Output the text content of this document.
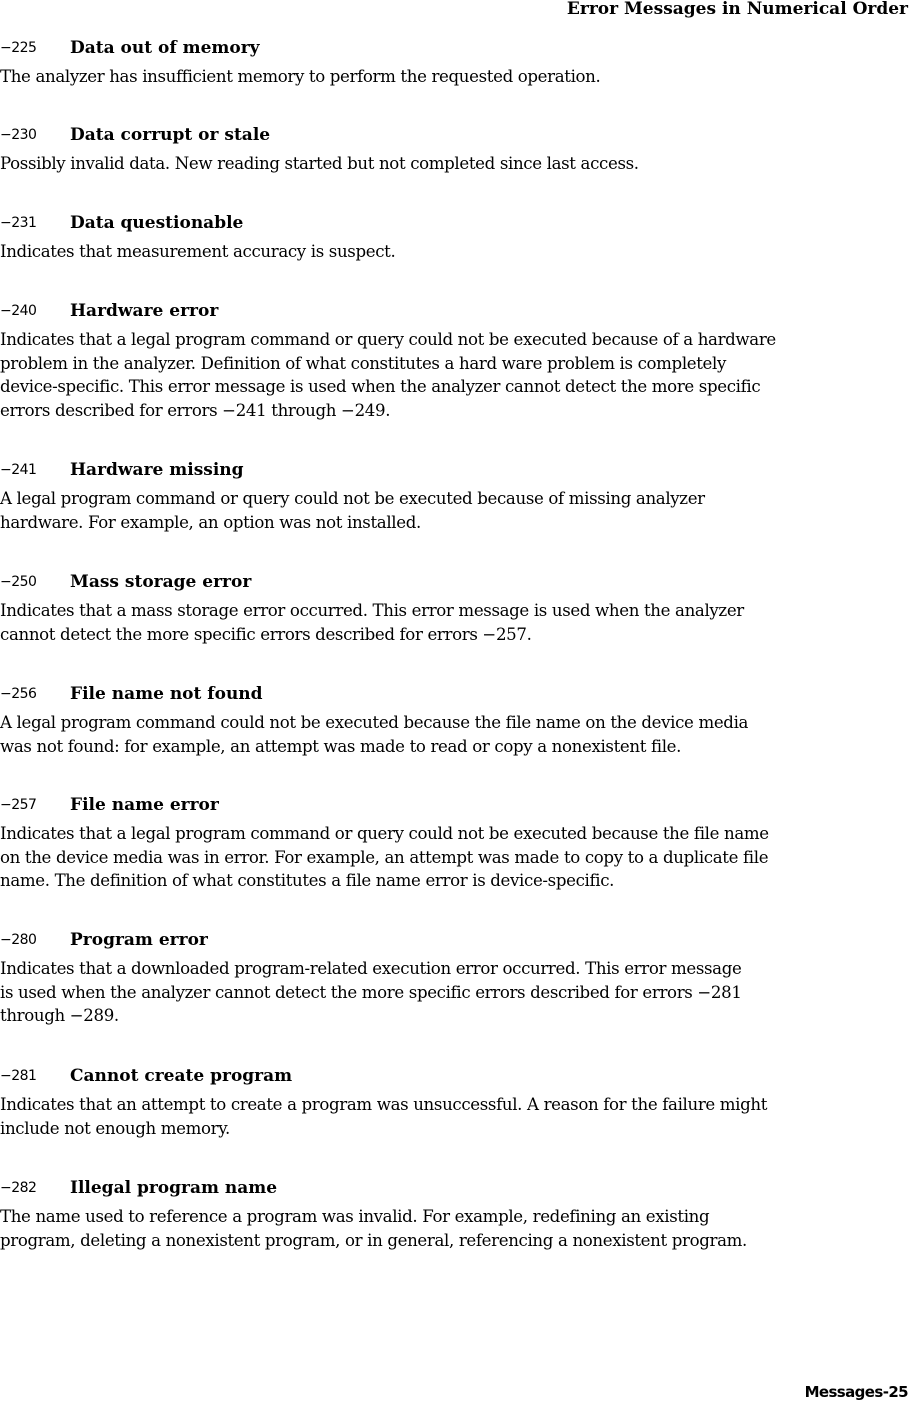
Error Messages in Numerical Order
−225 Data out of memory

The analyzer has insufficient memory to perform the requested operation.

−230 Data corrupt or stale

Possibly invalid data. New reading started but not completed since last access.

−231 Data questionable

Indicates that measurement accuracy is suspect.

−240 Hardware error

Indicates that a legal program command or query could not be executed because of a hardware
problem in the analyzer. Definition of what constitutes a hard ware problem is completely
device-specific. This error message is used when the analyzer cannot detect the more specific
errors described for errors −241 through −249.

−241 Hardware missing

A legal program command or query could not be executed because of missing analyzer
hardware. For example, an option was not installed.

−250 Mass storage error

Indicates that a mass storage error occurred. This error message is used when the analyzer
cannot detect the more specific errors described for errors −257.

−256 File name not found

A legal program command could not be executed because the file name on the device media
was not found: for example, an attempt was made to read or copy a nonexistent file.

−257 File name error

Indicates that a legal program command or query could not be executed because the file name
on the device media was in error. For example, an attempt was made to copy to a duplicate file
name. The definition of what constitutes a file name error is device-specific.

−280 Program error

Indicates that a downloaded program-related execution error occurred. This error message
is used when the analyzer cannot detect the more specific errors described for errors −281
through −289.

−281 Cannot create program

Indicates that an attempt to create a program was unsuccessful. A reason for the failure might
include not enough memory.

−282 Illegal program name

The name used to reference a program was invalid. For example, redefining an existing
program, deleting a nonexistent program, or in general, referencing a nonexistent program.

Messages-25
